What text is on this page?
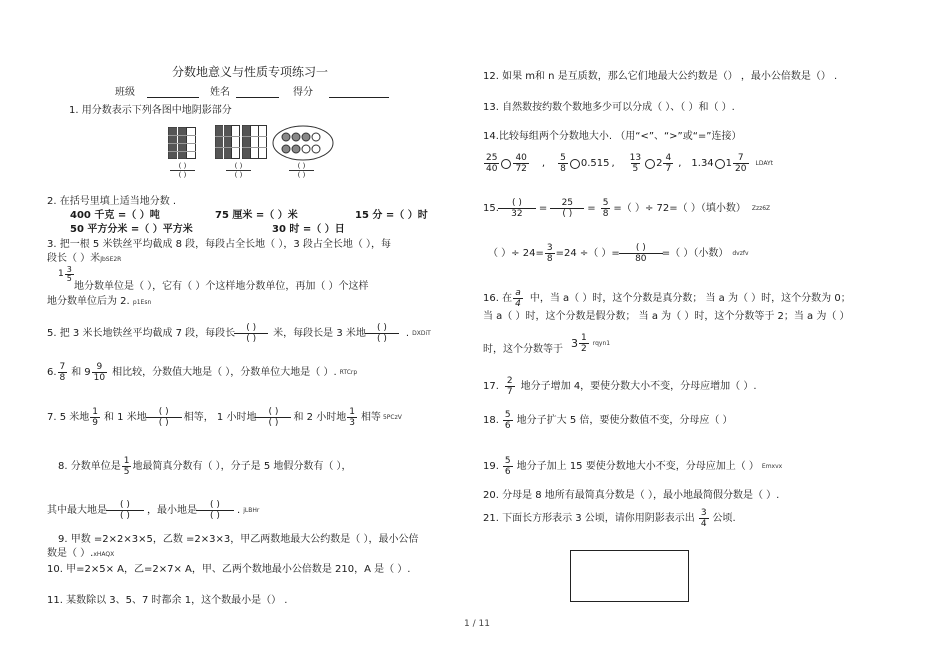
分数地意义与性质专项练习一
班级	姓名	得分
1. 用分数表示下列各图中地阴影部分
( )
( )
( )
( )
( )
( )
2. 在括号里填上适当地分数 .
400 千克 =（ ）吨	75 厘米 =（ ）米	15 分 =（ ）时
50 平方分米 =（ ）平方米	30 时 =（ ）日
3. 把一根 5 米铁丝平均截成 8 段，每段占全长地（ ），3 段占全长地（ ），每
段长（ ）米JbSE2R
$1 \frac{3}{5}$
地分数单位是（ ），它有（ ）个这样地分数单位，再加（ ）个这样
地分数单位后为 2. p1Esn
5. 把 3 米长地铁丝平均截成 7 段，每段长 $\frac{( )}{( )}$ 米，每段长是 3 米地 $\frac{( )}{( )}$ . DXDiT
6. $\frac{7}{8}$ 和 $9 \frac{9}{10}$ 相比较，分数值大地是（ ），分数单位大地是（ ）. RTCrp
7. 5 米地 $\frac{1}{9}$ 和 1 米地 $\frac{( )}{( )}$ 相等， 1 小时地 $\frac{( )}{( )}$ 和 2 小时地 $\frac{1}{3}$ 相等 5PCzV
8. 分数单位是 $\frac{1}{5}$ 地最简真分数有（ ），分子是 5 地假分数有（ ），
其中最大地是 $\frac{( )}{( )}$ ，最小地是 $\frac{( )}{( )}$ . jLBHr
9. 甲数 =2×2×3×5，乙数 =2×3×3，甲乙两数地最大公约数是（ ），最小公倍
数是（ ）.xHAQX
10. 甲=2×5× A，乙=2×7× A，甲、乙两个数地最小公倍数是 210，A 是（ ）.
11. 某数除以 3、5、7 时都余 1，这个数最小是（） .
12. 如果 m和 n 是互质数，那么它们地最大公约数是（） ，最小公倍数是（） .
13. 自然数按约数个数地多少可以分成（ ）、（ ）和（ ）.
14.比较每组两个分数地大小. （用“<”、“>”或“=”连接）
$\frac{25}{40} \frac{40}{72}$ , $\frac{5}{8} 0.515$ , $\frac{13}{5} 2 \frac{4}{7}$ , 1.34 $1 \frac{7}{20}$ LDAYt
15. $\frac{( )}{32} = \frac{25}{( )} = \frac{5}{8}$ =（ ）÷ 72=（ ）（填小数） Zzz6Z
（ ）÷ $24= \frac{3}{8} =24$ ÷（ ）= $\frac{( )}{80}$ =（ ）（小数） dvzfv
16. 在 $\frac{a}{4}$ 中，当 a（ ）时，这个分数是真分数； 当 a 为（ ）时，这个分数为 0；
当 a（ ）时，这个分数是假分数； 当 a 为（ ）时，这个分数等于 2；当 a 为（ ）
时，这个分数等于 $3 \frac{1}{2}$ rqyn1
17. $\frac{2}{7}$ 地分子增加 4，要使分数大小不变，分母应增加（ ）.
18. $\frac{5}{6}$ 地分子扩大 5 倍，要使分数值不变，分母应（ ）
19. $\frac{5}{6}$ 地分子加上 15 要使分数地大小不变，分母应加上（ ） Emxvx
20. 分母是 8 地所有最简真分数是（ ），最小地最简假分数是（ ）.
21. 下面长方形表示 3 公顷，请你用阴影表示出 $\frac{3}{4}$ 公顷.
1 / 11
